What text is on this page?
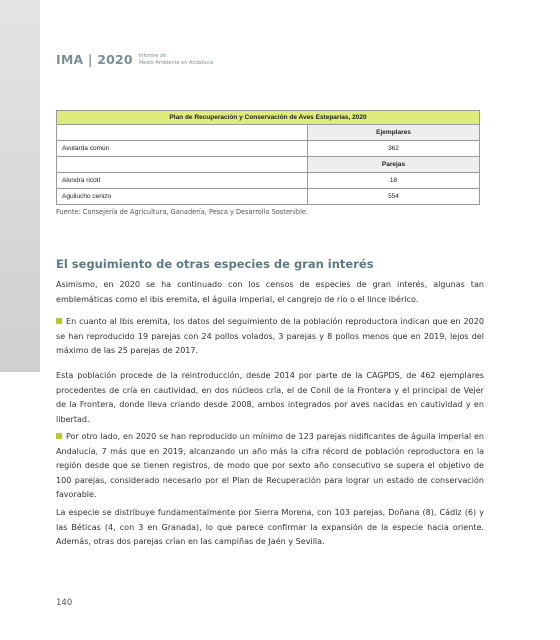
IMA | 2020 Informe de
Medio Ambiente en Andalucía
Plan de Recuperación y Conservación de Aves Esteparias, 2020	
	Ejemplares
Avutarda común	362
	Parejas
Alondra ricotí	18
Aguilucho cenizo	554
Fuente: Consejería de Agricultura, Ganadería, Pesca y Desarrollo Sostenible.
El seguimiento de otras especies de gran interés

Asimismo, en 2020 se ha continuado con los censos de especies de gran interés, algunas tan emblemáticas como el ibis eremita, el águila imperial, el cangrejo de río o el lince ibérico.

En cuanto al Ibis eremita, los datos del seguimiento de la población reproductora indican que en 2020 se han reproducido 19 parejas con 24 pollos volados, 3 parejas y 8 pollos menos que en 2019, lejos del máximo de las 25 parejas de 2017.

Esta población procede de la reintroducción, desde 2014 por parte de la CAGPDS, de 462 ejemplares procedentes de cría en cautividad, en dos núcleos cría, el de Conil de la Frontera y el principal de Vejer de la Frontera, donde lleva criando desde 2008, ambos integrados por aves nacidas en cautividad y en libertad.

Por otro lado, en 2020 se han reproducido un mínimo de 123 parejas nidificantes de águila imperial en Andalucía, 7 más que en 2019, alcanzando un año más la cifra récord de población reproductora en la región desde que se tienen registros, de modo que por sexto año consecutivo se supera el objetivo de 100 parejas, considerado necesario por el Plan de Recuperación para lograr un estado de conservación favorable.

La especie se distribuye fundamentalmente por Sierra Morena, con 103 parejas, Doñana (8), Cádiz (6) y las Béticas (4, con 3 en Granada), lo que parece confirmar la expansión de la especie hacia oriente. Además, otras dos parejas crían en las campiñas de Jaén y Sevilla.

140
